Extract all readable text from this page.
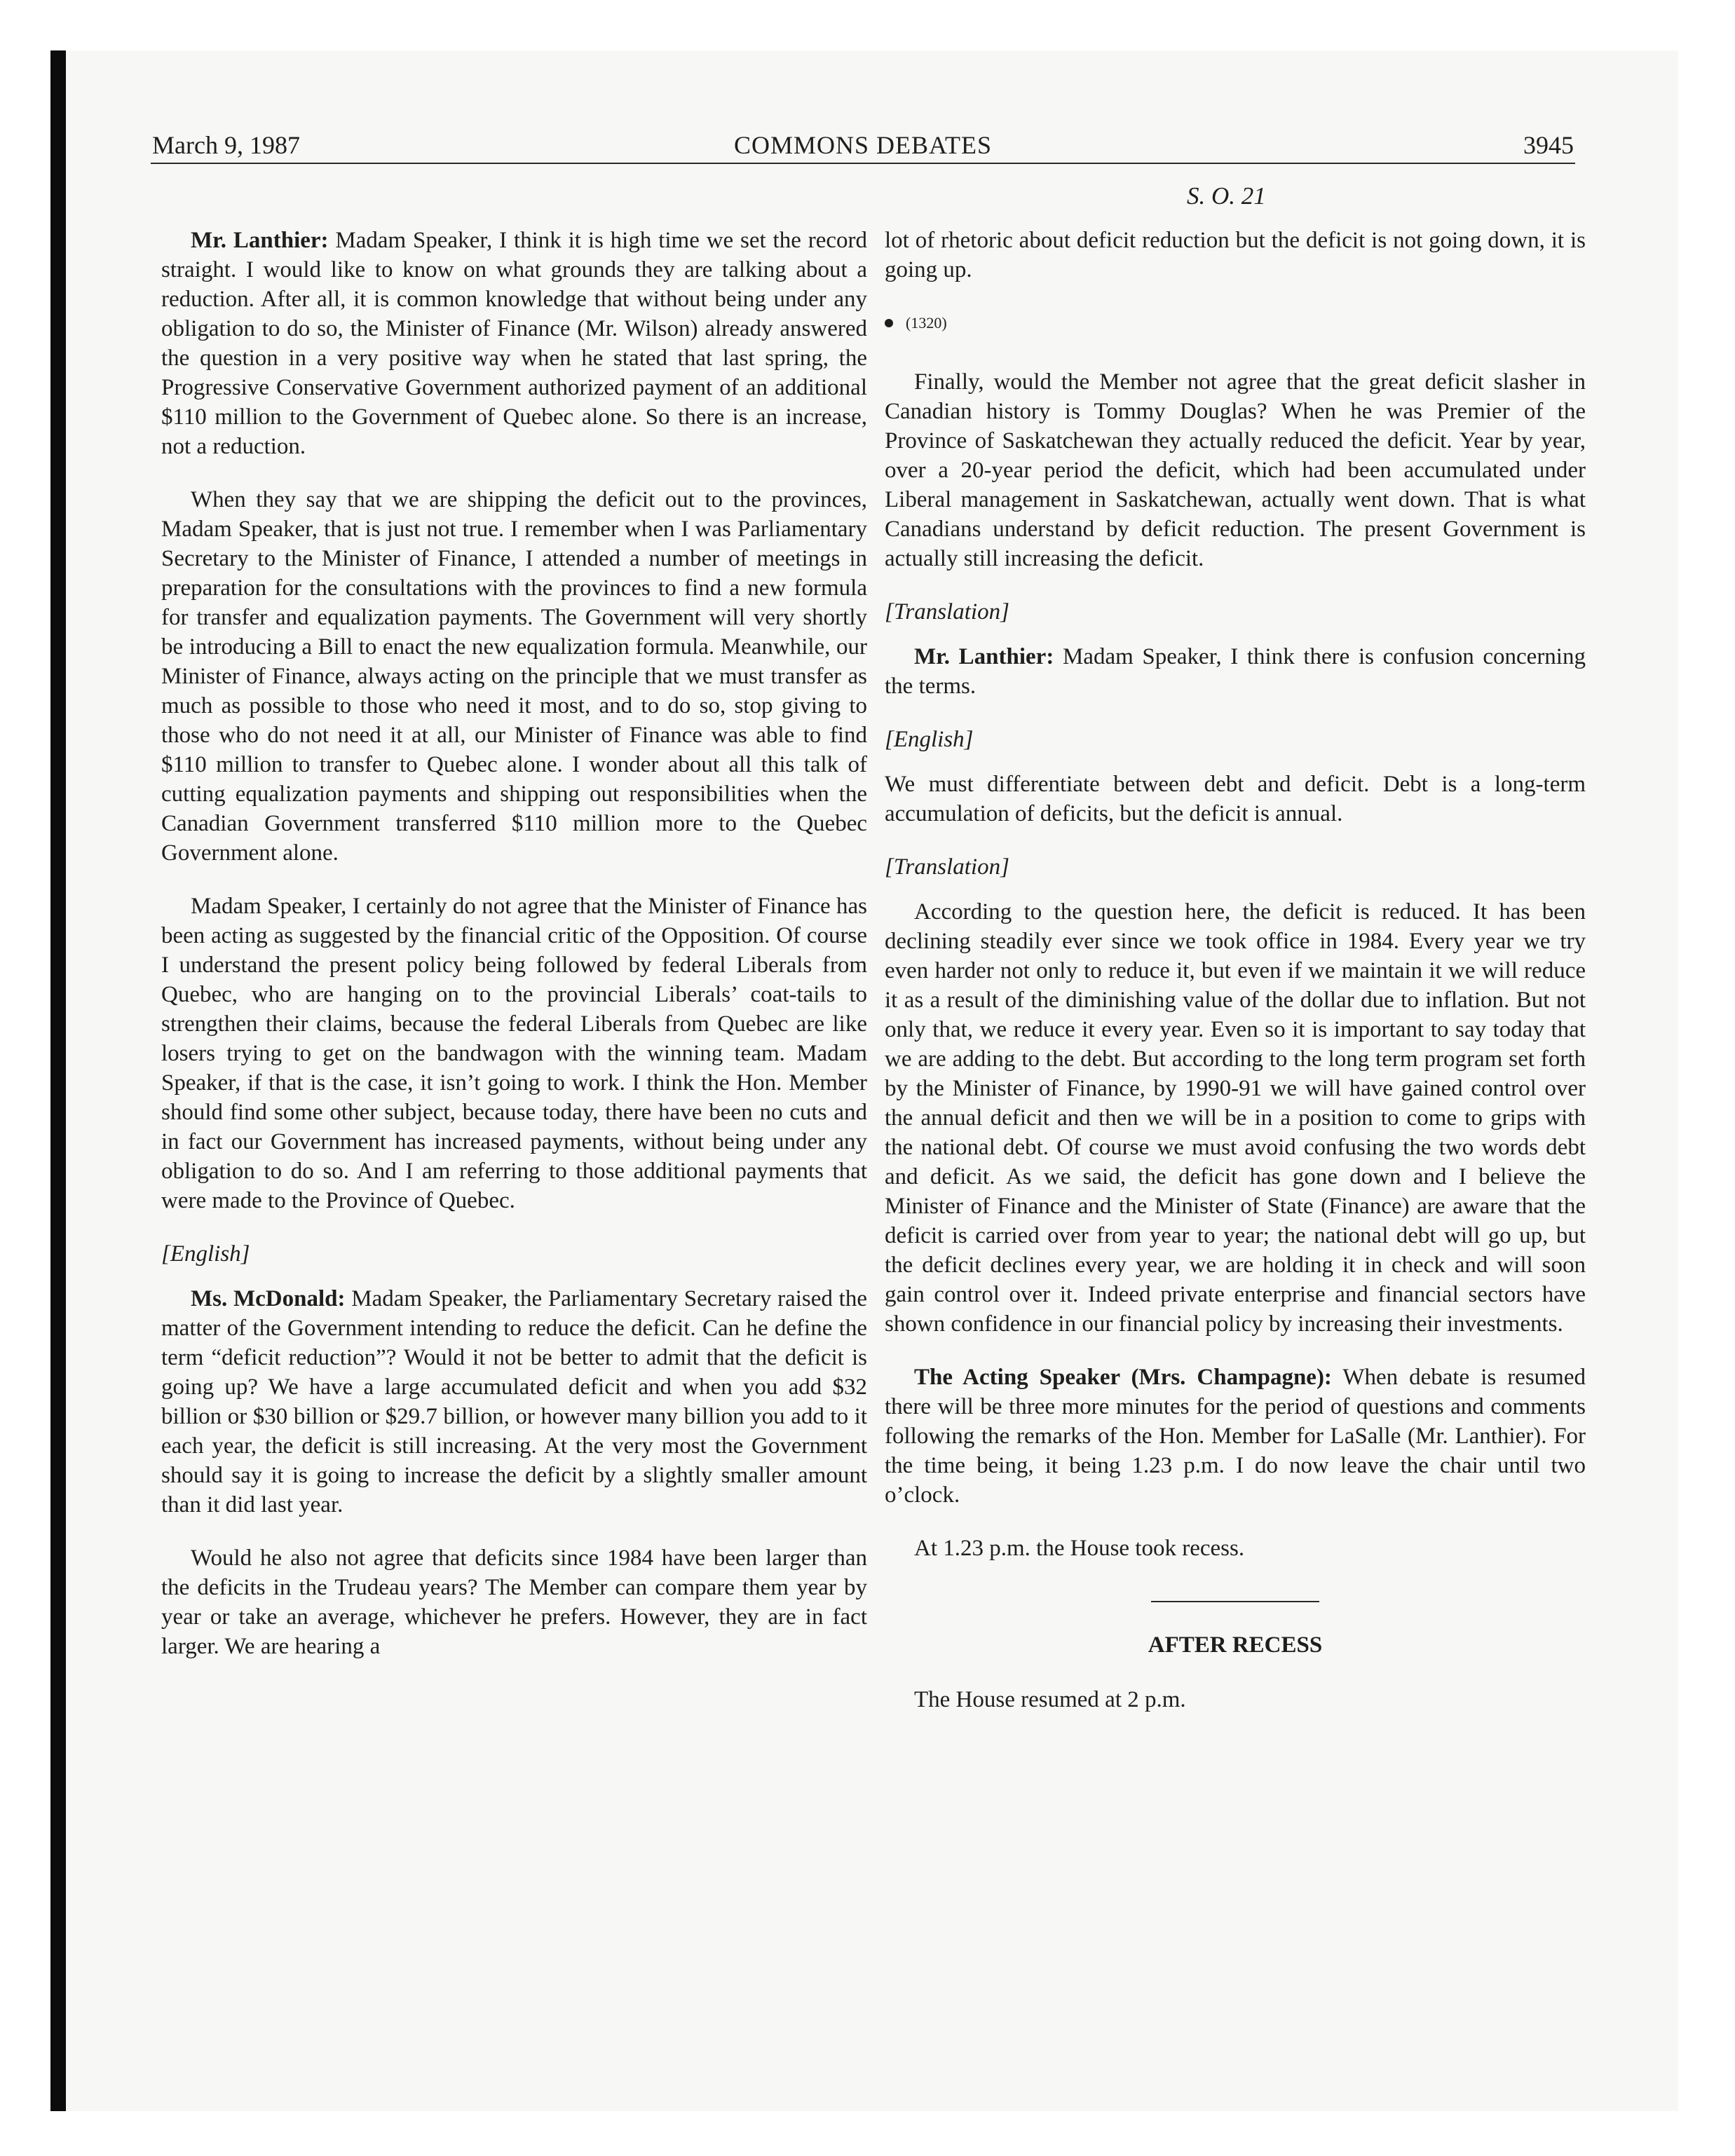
March 9, 1987	COMMONS DEBATES	3945
S. O. 21

Mr. Lanthier: Madam Speaker, I think it is high time we set the record straight. I would like to know on what grounds they are talking about a reduction. After all, it is common knowledge that without being under any obligation to do so, the Minister of Finance (Mr. Wilson) already answered the question in a very positive way when he stated that last spring, the Progressive Conservative Government authorized payment of an additional $110 million to the Government of Quebec alone. So there is an increase, not a reduction.

When they say that we are shipping the deficit out to the provinces, Madam Speaker, that is just not true. I remember when I was Parliamentary Secretary to the Minister of Finance, I attended a number of meetings in preparation for the consultations with the provinces to find a new formula for transfer and equalization payments. The Government will very shortly be introducing a Bill to enact the new equalization formula. Meanwhile, our Minister of Finance, always acting on the principle that we must transfer as much as possible to those who need it most, and to do so, stop giving to those who do not need it at all, our Minister of Finance was able to find $110 million to transfer to Quebec alone. I wonder about all this talk of cutting equalization payments and shipping out responsibilities when the Canadian Government transferred $110 million more to the Quebec Government alone.

Madam Speaker, I certainly do not agree that the Minister of Finance has been acting as suggested by the financial critic of the Opposition. Of course I understand the present policy being followed by federal Liberals from Quebec, who are hanging on to the provincial Liberals’ coat-tails to strengthen their claims, because the federal Liberals from Quebec are like losers trying to get on the bandwagon with the winning team. Madam Speaker, if that is the case, it isn’t going to work. I think the Hon. Member should find some other subject, because today, there have been no cuts and in fact our Government has increased payments, without being under any obligation to do so. And I am referring to those additional payments that were made to the Province of Quebec.

[English]

Ms. McDonald: Madam Speaker, the Parliamentary Secretary raised the matter of the Government intending to reduce the deficit. Can he define the term “deficit reduction”? Would it not be better to admit that the deficit is going up? We have a large accumulated deficit and when you add $32 billion or $30 billion or $29.7 billion, or however many billion you add to it each year, the deficit is still increasing. At the very most the Government should say it is going to increase the deficit by a slightly smaller amount than it did last year.

Would he also not agree that deficits since 1984 have been larger than the deficits in the Trudeau years? The Member can compare them year by year or take an average, whichever he prefers. However, they are in fact larger. We are hearing a

lot of rhetoric about deficit reduction but the deficit is not going down, it is going up.

(1320)

Finally, would the Member not agree that the great deficit slasher in Canadian history is Tommy Douglas? When he was Premier of the Province of Saskatchewan they actually reduced the deficit. Year by year, over a 20-year period the deficit, which had been accumulated under Liberal management in Saskatchewan, actually went down. That is what Canadians understand by deficit reduction. The present Government is actually still increasing the deficit.

[Translation]

Mr. Lanthier: Madam Speaker, I think there is confusion concerning the terms.

[English]

We must differentiate between debt and deficit. Debt is a long-term accumulation of deficits, but the deficit is annual.

[Translation]

According to the question here, the deficit is reduced. It has been declining steadily ever since we took office in 1984. Every year we try even harder not only to reduce it, but even if we maintain it we will reduce it as a result of the diminishing value of the dollar due to inflation. But not only that, we reduce it every year. Even so it is important to say today that we are adding to the debt. But according to the long term program set forth by the Minister of Finance, by 1990-91 we will have gained control over the annual deficit and then we will be in a position to come to grips with the national debt. Of course we must avoid confusing the two words debt and deficit. As we said, the deficit has gone down and I believe the Minister of Finance and the Minister of State (Finance) are aware that the deficit is carried over from year to year; the national debt will go up, but the deficit declines every year, we are holding it in check and will soon gain control over it. Indeed private enterprise and financial sectors have shown confidence in our financial policy by increasing their investments.

The Acting Speaker (Mrs. Champagne): When debate is resumed there will be three more minutes for the period of questions and comments following the remarks of the Hon. Member for LaSalle (Mr. Lanthier). For the time being, it being 1.23 p.m. I do now leave the chair until two o’clock.

At 1.23 p.m. the House took recess.

AFTER RECESS

The House resumed at 2 p.m.
